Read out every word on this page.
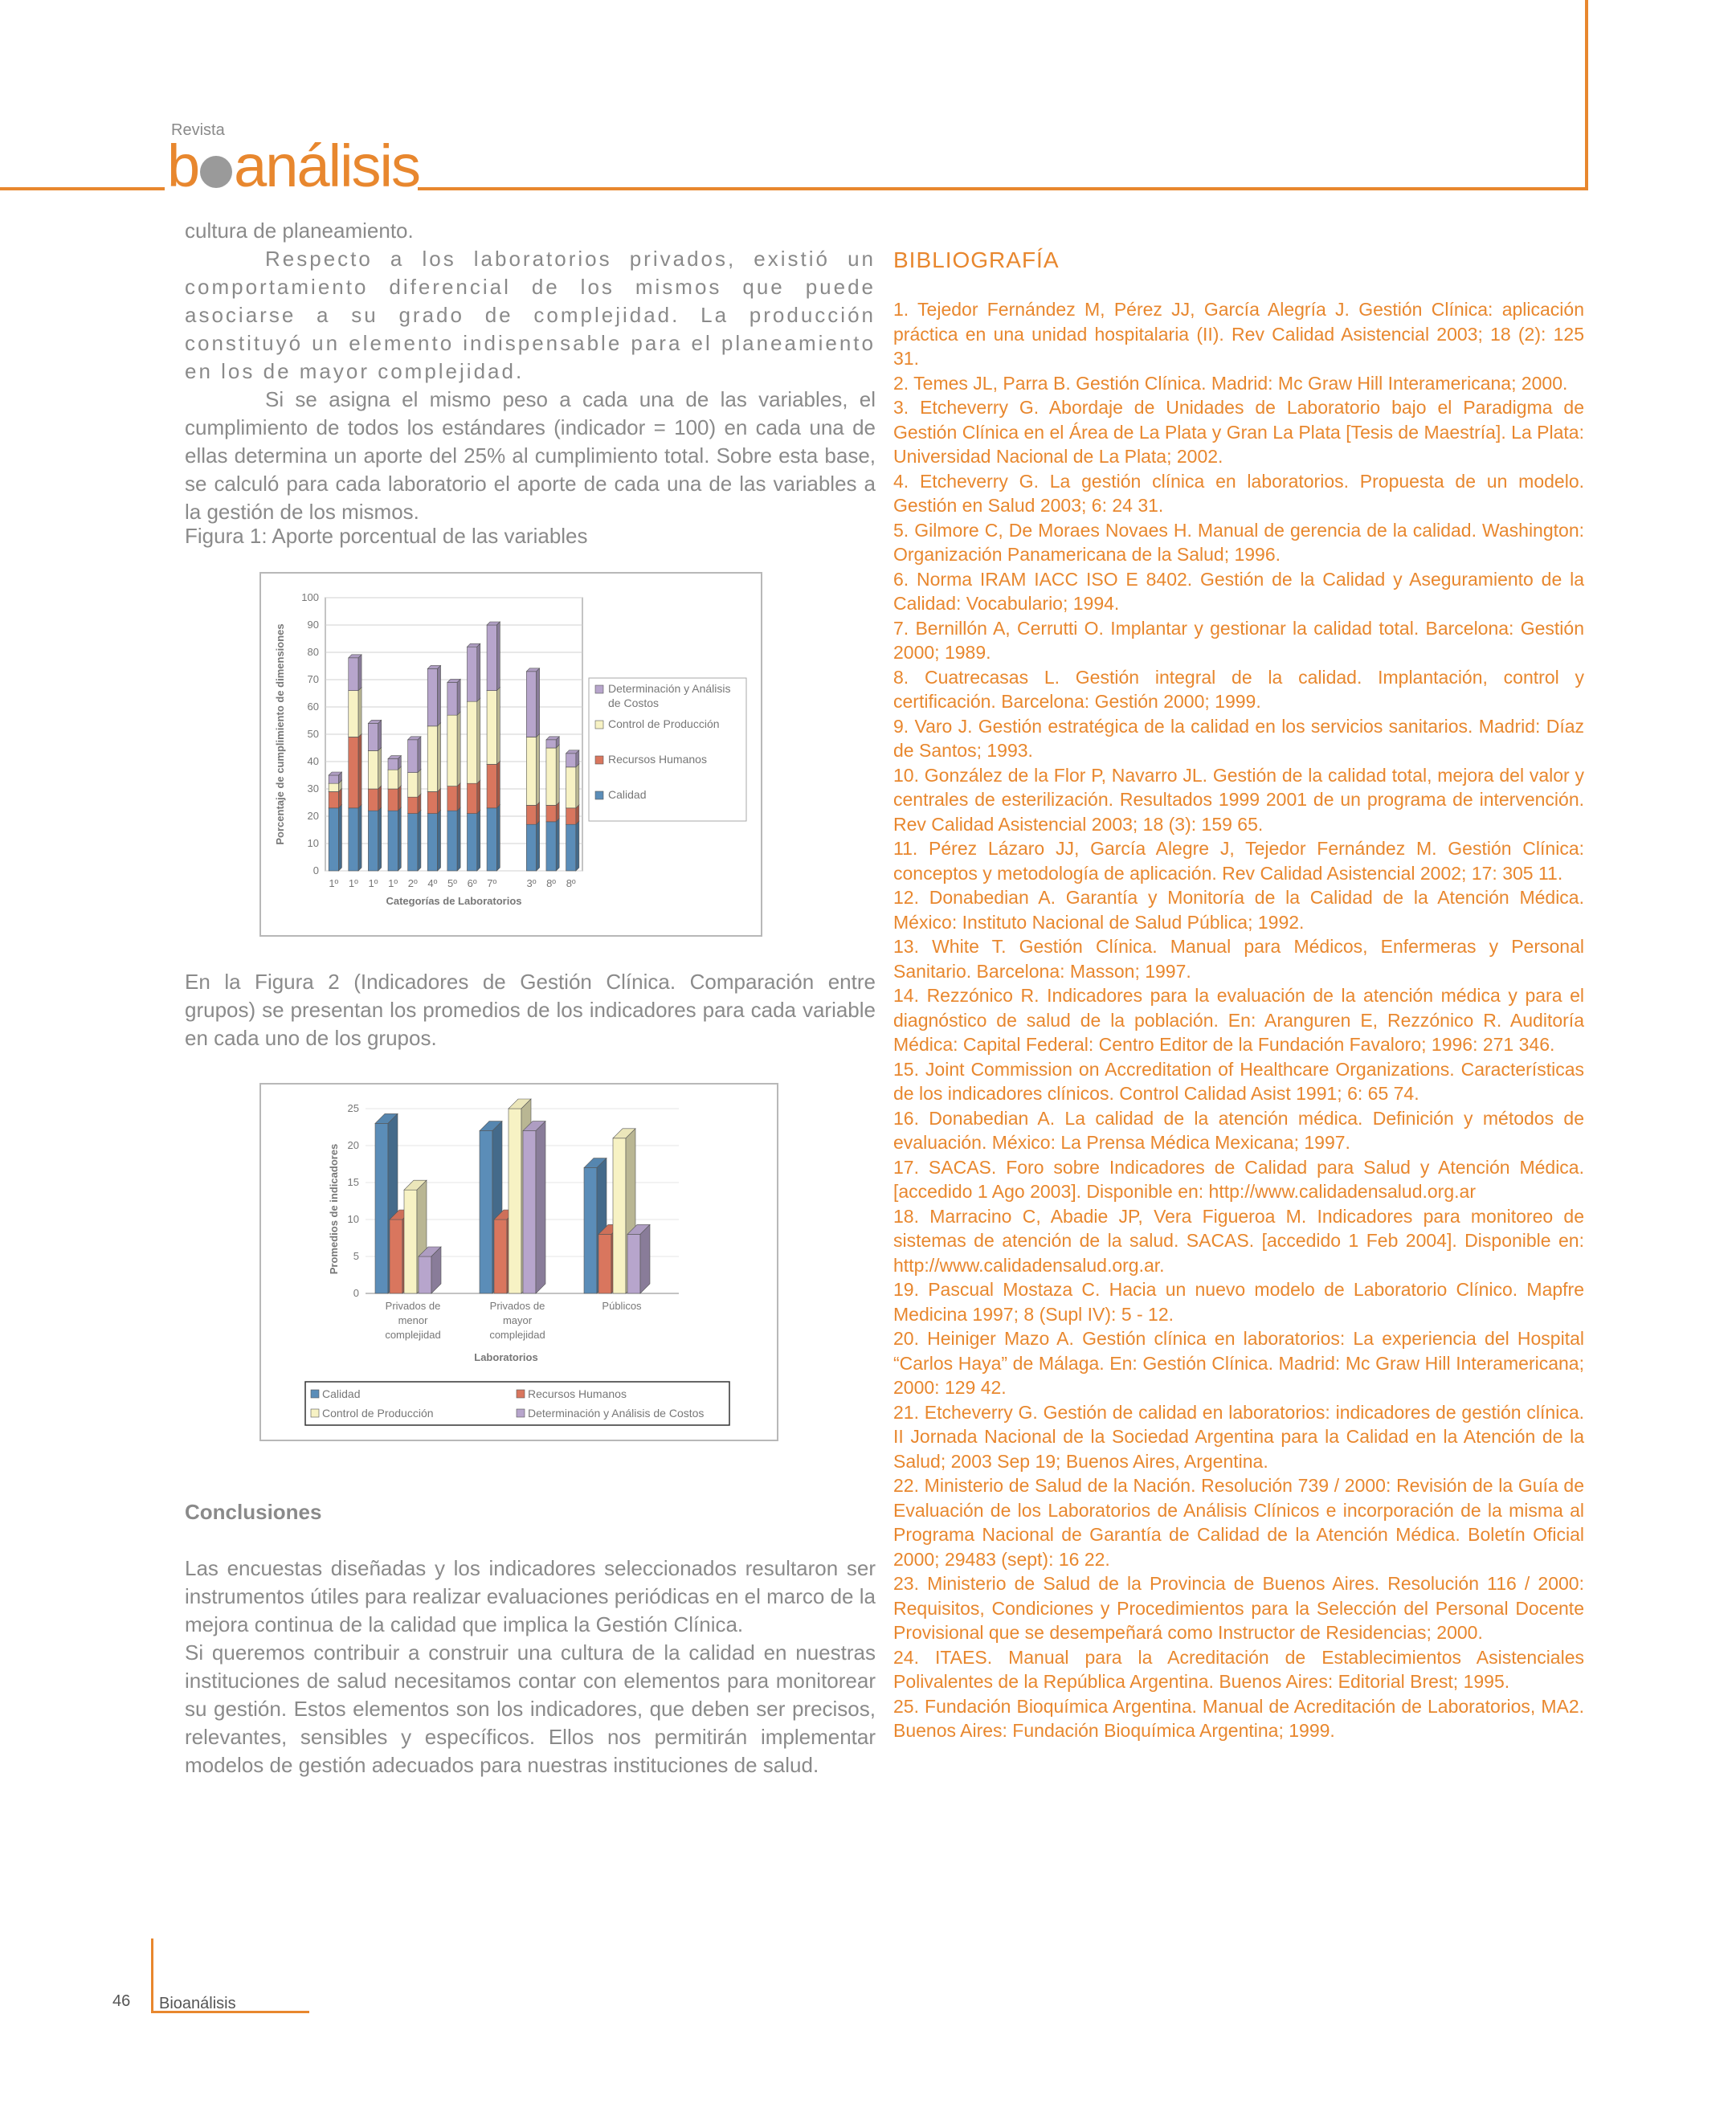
Revista
b análisis

cultura de planeamiento.

Respecto a los laboratorios privados, existió un comportamiento diferencial de los mismos que puede asociarse a su grado de complejidad. La producción constituyó un elemento indispensable para el planeamiento en los de mayor complejidad.

Si se asigna el mismo peso a cada una de las variables, el cumplimiento de todos los estándares (indicador = 100) en cada una de ellas determina un aporte del 25% al cumplimiento total. Sobre esta base, se calculó para cada laboratorio el aporte de cada una de las variables a la gestión de los mismos.

Figura 1: Aporte porcentual de las variables
0
10
20
30
40
50
60
70
80
90
100
1º 1º 1º 1º 2º 4º 5º 6º 7º	3º 8º 8º
Categorías de Laboratorios
Porcentaje de cumplimiento de dimensiones	Determinación y Análisis
de Costos
Control de Producción
Recursos Humanos
Calidad

En la Figura 2 (Indicadores de Gestión Clínica. Comparación entre grupos) se presentan los promedios de los indicadores para cada variable en cada uno de los grupos.

0
5
10
15
20
25
Privados de
menor
complejidad
Privados de
mayor
complejidad
Públicos
Laboratorios
Promedios de indicadores
Calidad	Recursos Humanos
Control de Producción	Determinación y Análisis de Costos
Conclusiones

Las encuestas diseñadas y los indicadores seleccionados resultaron ser instrumentos útiles para realizar evaluaciones periódicas en el marco de la mejora continua de la calidad que implica la Gestión Clínica.

Si queremos contribuir a construir una cultura de la calidad en nuestras instituciones de salud necesitamos contar con elementos para monitorear su gestión. Estos elementos son los indicadores, que deben ser precisos, relevantes, sensibles y específicos. Ellos nos permitirán implementar modelos de gestión adecuados para nuestras instituciones de salud.

BIBLIOGRAFÍA

1. Tejedor Fernández M, Pérez JJ, García Alegría J. Gestión Clínica: aplicación práctica en una unidad hospitalaria (II). Rev Calidad Asistencial 2003; 18 (2): 125 31.

2. Temes JL, Parra B. Gestión Clínica. Madrid: Mc Graw Hill Interamericana; 2000.

3. Etcheverry G. Abordaje de Unidades de Laboratorio bajo el Paradigma de Gestión Clínica en el Área de La Plata y Gran La Plata [Tesis de Maestría]. La Plata: Universidad Nacional de La Plata; 2002.

4. Etcheverry G. La gestión clínica en laboratorios. Propuesta de un modelo. Gestión en Salud 2003; 6: 24 31.

5. Gilmore C, De Moraes Novaes H. Manual de gerencia de la calidad. Washington: Organización Panamericana de la Salud; 1996.

6. Norma IRAM IACC ISO E 8402. Gestión de la Calidad y Aseguramiento de la Calidad: Vocabulario; 1994.

7. Bernillón A, Cerrutti O. Implantar y gestionar la calidad total. Barcelona: Gestión 2000; 1989.

8. Cuatrecasas L. Gestión integral de la calidad. Implantación, control y certificación. Barcelona: Gestión 2000; 1999.

9. Varo J. Gestión estratégica de la calidad en los servicios sanitarios. Madrid: Díaz de Santos; 1993.

10. González de la Flor P, Navarro JL. Gestión de la calidad total, mejora del valor y centrales de esterilización. Resultados 1999 2001 de un programa de intervención. Rev Calidad Asistencial 2003; 18 (3): 159 65.

11. Pérez Lázaro JJ, García Alegre J, Tejedor Fernández M. Gestión Clínica: conceptos y metodología de aplicación. Rev Calidad Asistencial 2002; 17: 305 11.

12. Donabedian A. Garantía y Monitoría de la Calidad de la Atención Médica. México: Instituto Nacional de Salud Pública; 1992.

13. White T. Gestión Clínica. Manual para Médicos, Enfermeras y Personal Sanitario. Barcelona: Masson; 1997.

14. Rezzónico R. Indicadores para la evaluación de la atención médica y para el diagnóstico de salud de la población. En: Aranguren E, Rezzónico R. Auditoría Médica: Capital Federal: Centro Editor de la Fundación Favaloro; 1996: 271 346.

15. Joint Commission on Accreditation of Healthcare Organizations. Características de los indicadores clínicos. Control Calidad Asist 1991; 6: 65 74.

16. Donabedian A. La calidad de la atención médica. Definición y métodos de evaluación. México: La Prensa Médica Mexicana; 1997.

17. SACAS. Foro sobre Indicadores de Calidad para Salud y Atención Médica. [accedido 1 Ago 2003]. Disponible en: http://www.calidadensalud.org.ar

18. Marracino C, Abadie JP, Vera Figueroa M. Indicadores para monitoreo de sistemas de atención de la salud. SACAS. [accedido 1 Feb 2004]. Disponible en: http://www.calidadensalud.org.ar.

19. Pascual Mostaza C. Hacia un nuevo modelo de Laboratorio Clínico. Mapfre Medicina 1997; 8 (Supl IV): 5 - 12.

20. Heiniger Mazo A. Gestión clínica en laboratorios: La experiencia del Hospital “Carlos Haya” de Málaga. En: Gestión Clínica. Madrid: Mc Graw Hill Interamericana; 2000: 129 42.

21. Etcheverry G. Gestión de calidad en laboratorios: indicadores de gestión clínica. II Jornada Nacional de la Sociedad Argentina para la Calidad en la Atención de la Salud; 2003 Sep 19; Buenos Aires, Argentina.

22. Ministerio de Salud de la Nación. Resolución 739 / 2000: Revisión de la Guía de Evaluación de los Laboratorios de Análisis Clínicos e incorporación de la misma al Programa Nacional de Garantía de Calidad de la Atención Médica. Boletín Oficial 2000; 29483 (sept): 16 22.

23. Ministerio de Salud de la Provincia de Buenos Aires. Resolución 116 / 2000: Requisitos, Condiciones y Procedimientos para la Selección del Personal Docente Provisional que se desempeñará como Instructor de Residencias; 2000.

24. ITAES. Manual para la Acreditación de Establecimientos Asistenciales Polivalentes de la República Argentina. Buenos Aires: Editorial Brest; 1995.

25. Fundación Bioquímica Argentina. Manual de Acreditación de Laboratorios, MA2. Buenos Aires: Fundación Bioquímica Argentina; 1999.

46 Bioanálisis
